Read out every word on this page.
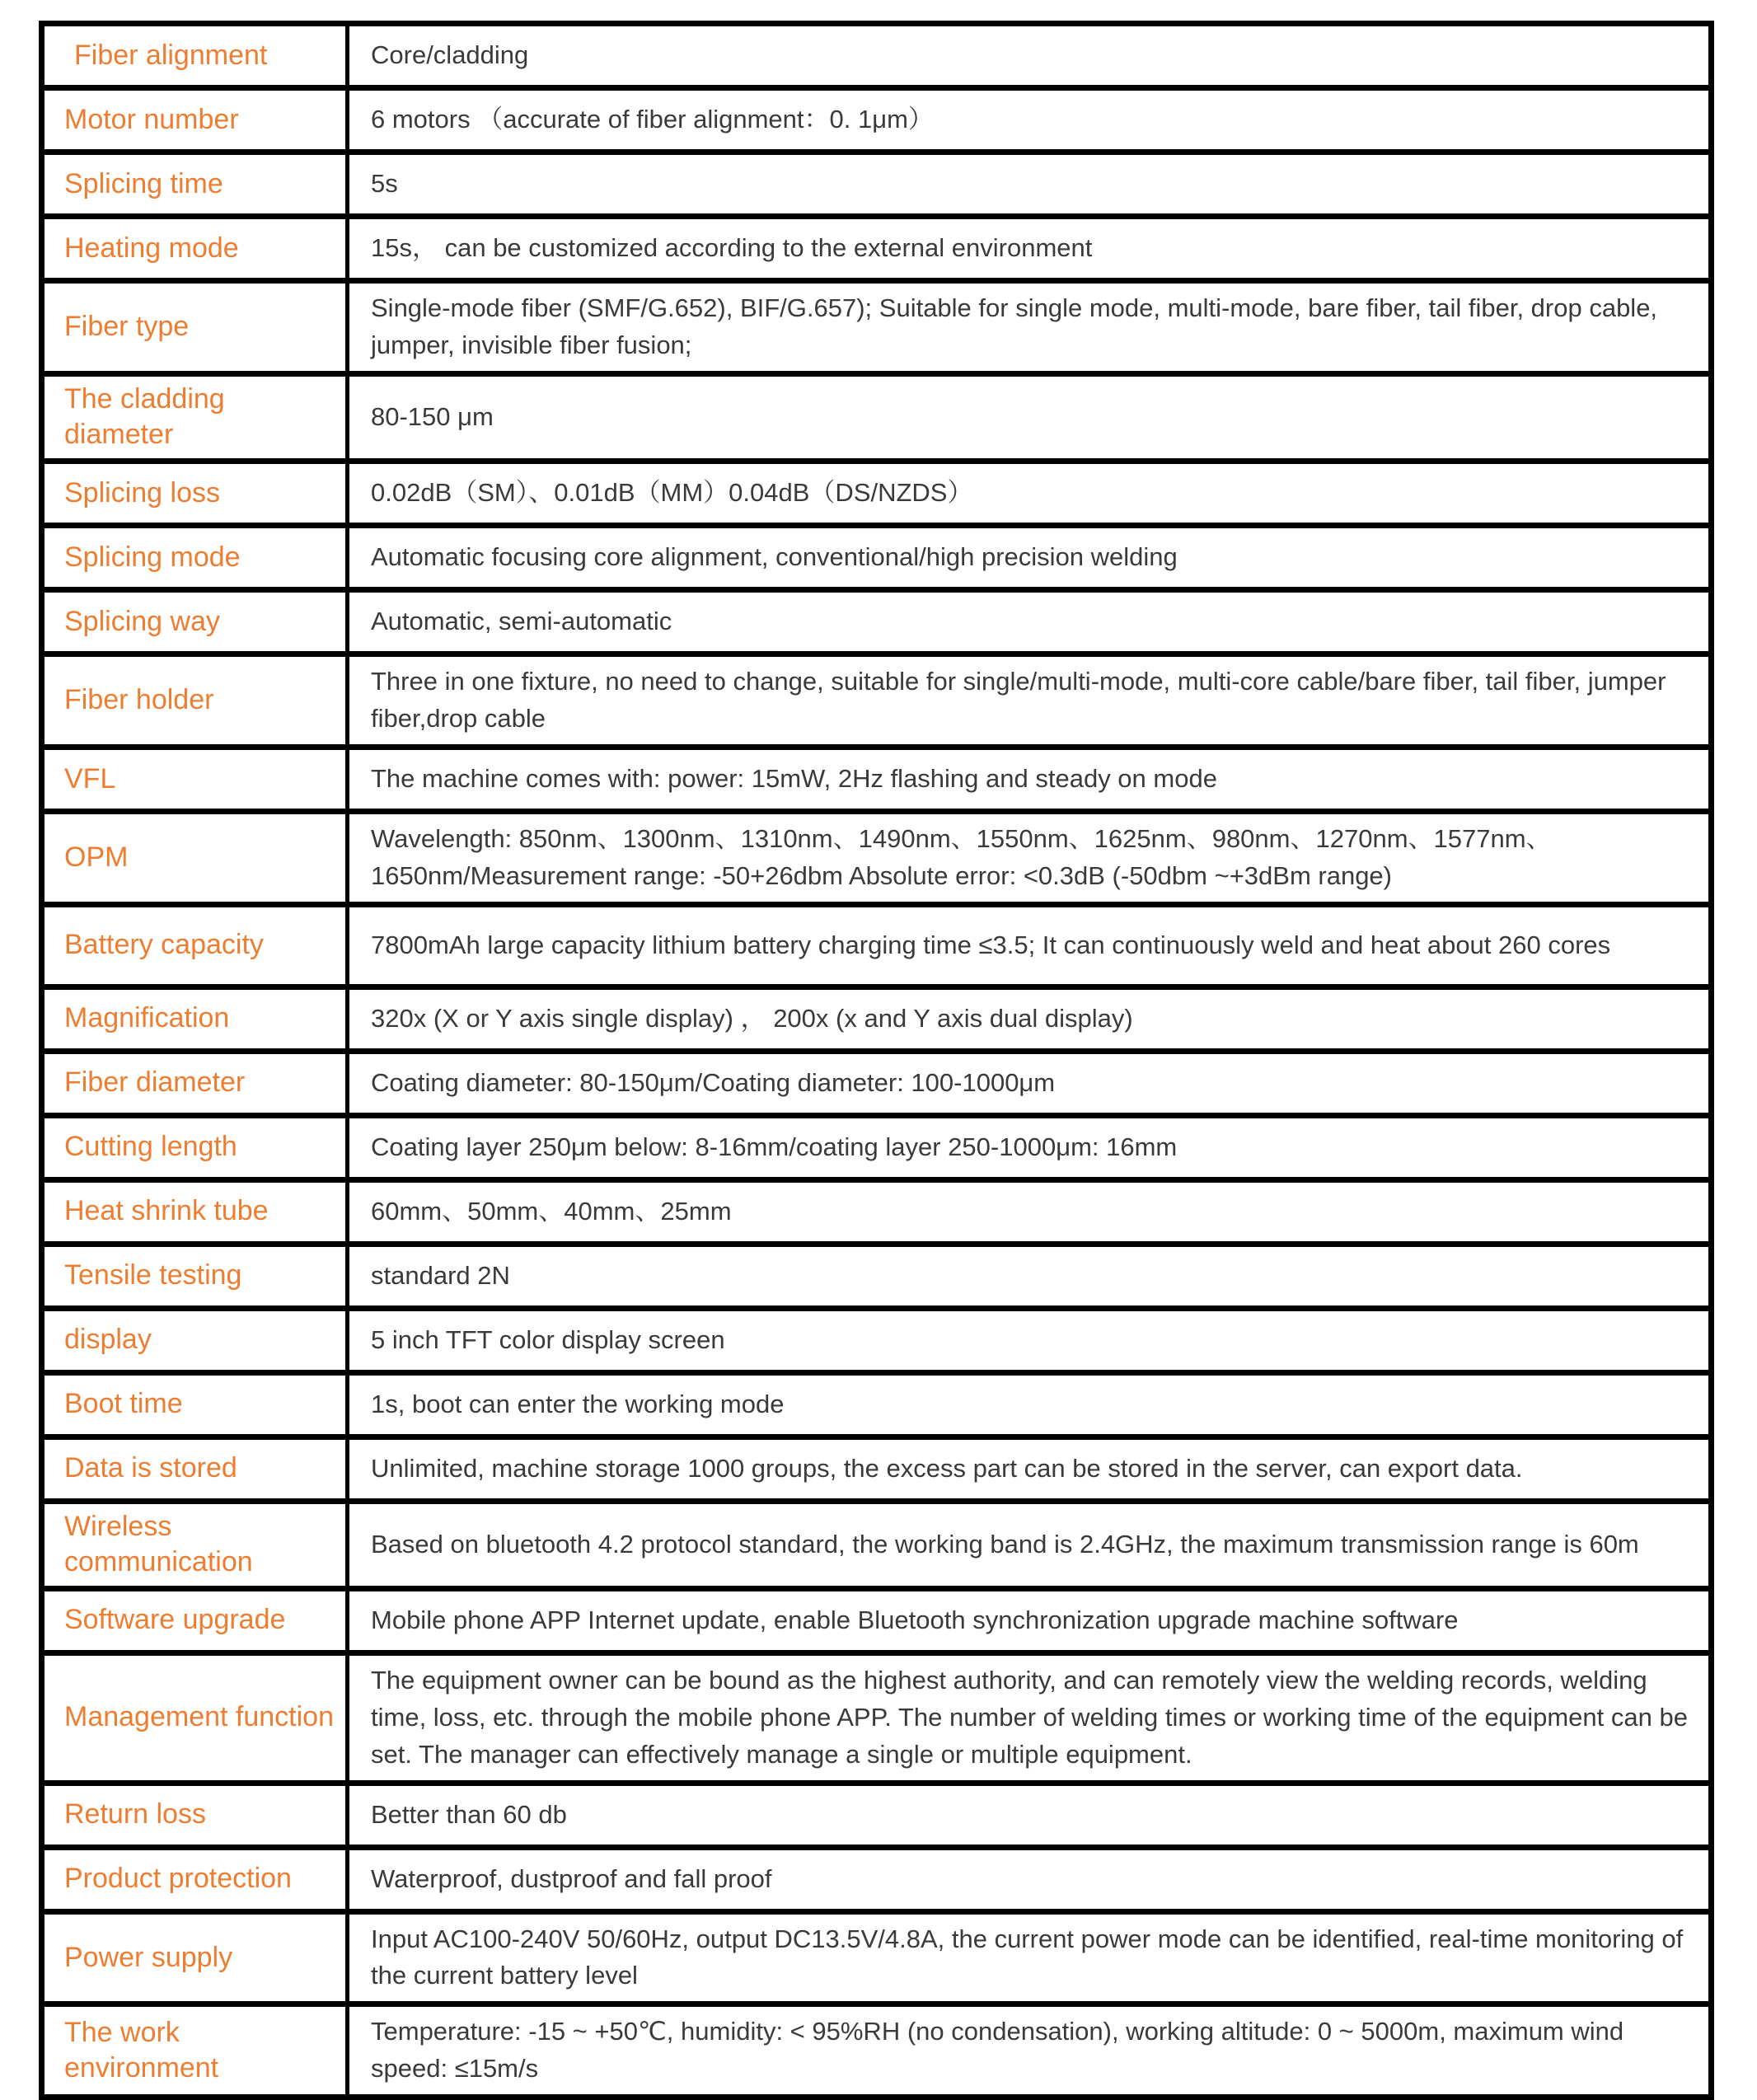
Fiber alignment	Core/cladding
Motor number	6 motors （accurate of fiber alignment：0. 1μm）
Splicing time	5s
Heating mode	15s， can be customized according to the external environment
Fiber type	Single-mode fiber (SMF/G.652), BIF/G.657); Suitable for single mode, multi-mode, bare fiber, tail fiber, drop cable, jumper, invisible fiber fusion;
The cladding diameter	80-150 μm
Splicing loss	0.02dB（SM）、0.01dB（MM）0.04dB（DS/NZDS）
Splicing mode	Automatic focusing core alignment, conventional/high precision welding
Splicing way	Automatic, semi-automatic
Fiber holder	Three in one fixture, no need to change, suitable for single/multi-mode, multi-core cable/bare fiber, tail fiber, jumper fiber,drop cable
VFL	The machine comes with: power: 15mW, 2Hz flashing and steady on mode
OPM	Wavelength: 850nm、1300nm、1310nm、1490nm、1550nm、1625nm、980nm、1270nm、1577nm、1650nm/Measurement range: -50+26dbm Absolute error: <0.3dB (-50dbm ~+3dBm range)
Battery capacity	7800mAh large capacity lithium battery charging time ≤3.5; It can continuously weld and heat about 260 cores
Magnification	320x (X or Y axis single display) ， 200x (x and Y axis dual display)
Fiber diameter	Coating diameter: 80-150μm/Coating diameter: 100-1000μm
Cutting length	Coating layer 250μm below: 8-16mm/coating layer 250-1000μm: 16mm
Heat shrink tube	60mm、50mm、40mm、25mm
Tensile testing	standard 2N
display	5 inch TFT color display screen
Boot time	1s, boot can enter the working mode
Data is stored	Unlimited, machine storage 1000 groups, the excess part can be stored in the server, can export data.
Wireless communication	Based on bluetooth 4.2 protocol standard, the working band is 2.4GHz, the maximum transmission range is 60m
Software upgrade	Mobile phone APP Internet update, enable Bluetooth synchronization upgrade machine software
Management function	The equipment owner can be bound as the highest authority, and can remotely view the welding records, welding time, loss, etc. through the mobile phone APP. The number of welding times or working time of the equipment can be set. The manager can effectively manage a single or multiple equipment.
Return loss	Better than 60 db
Product protection	Waterproof, dustproof and fall proof
Power supply	Input AC100-240V 50/60Hz, output DC13.5V/4.8A, the current power mode can be identified, real-time monitoring of the current battery level
The work environment	Temperature: -15 ~ +50℃, humidity: < 95%RH (no condensation), working altitude: 0 ~ 5000m, maximum wind speed: ≤15m/s
